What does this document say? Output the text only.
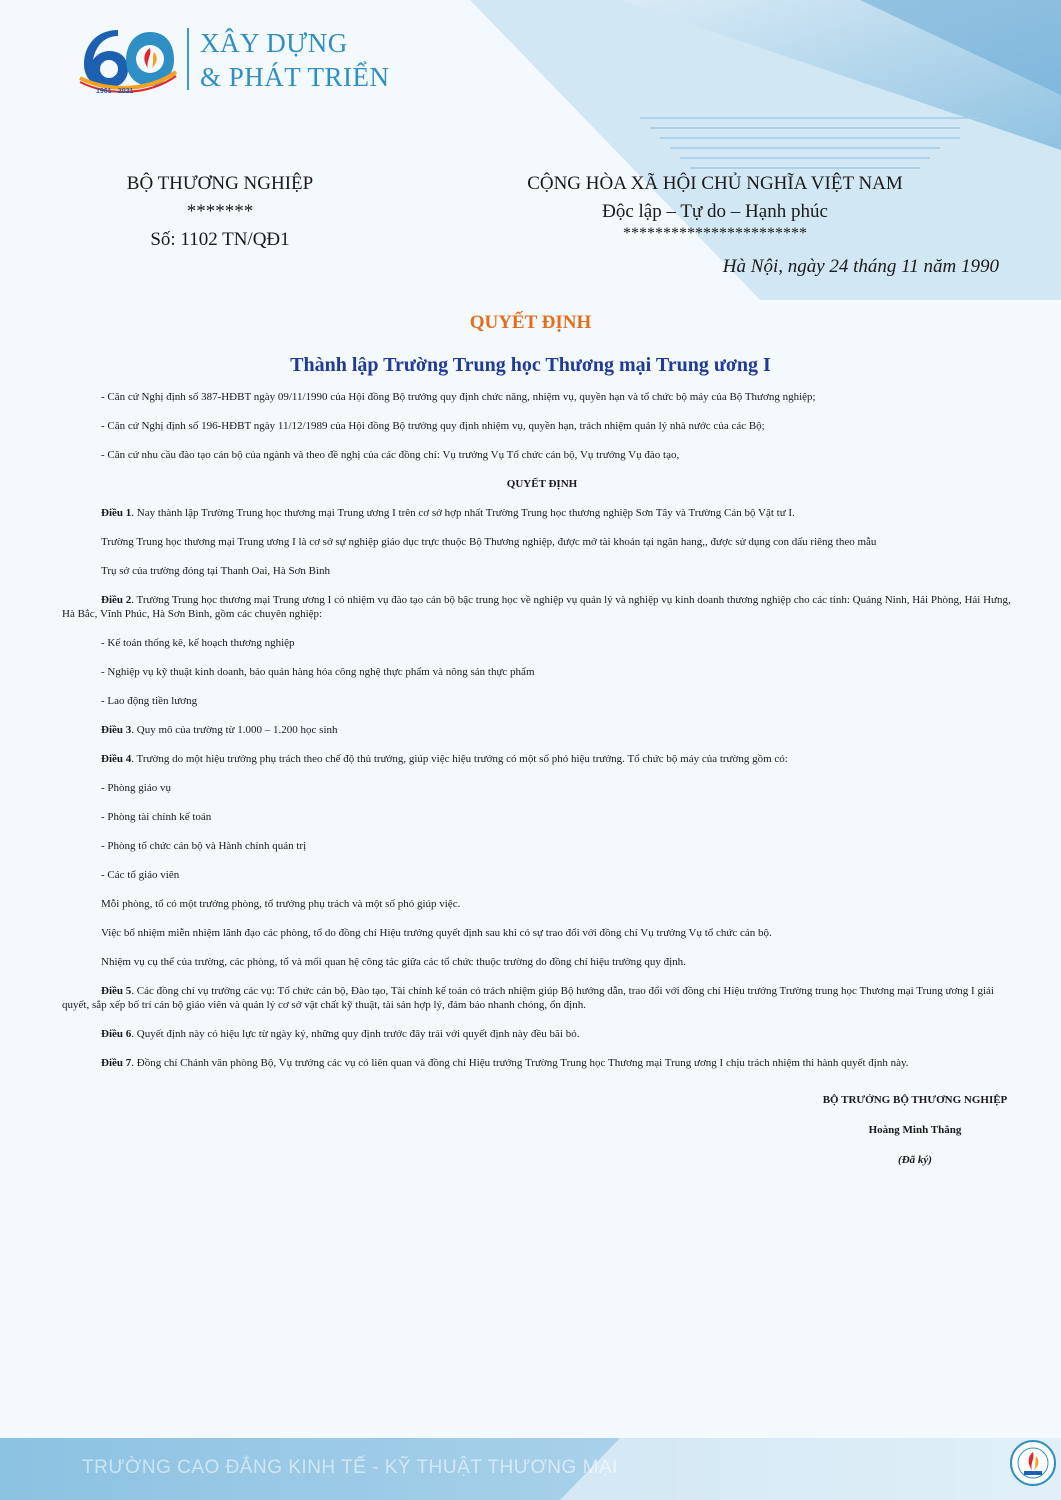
1961 - 2021
XÂY DỰNG
& PHÁT TRIỂN
BỘ THƯƠNG NGHIỆP
*******
Số: 1102 TN/QĐ1
CỘNG HÒA XÃ HỘI CHỦ NGHĨA VIỆT NAM
Độc lập – Tự do – Hạnh phúc
***********************
Hà Nội, ngày 24 tháng 11 năm 1990
QUYẾT ĐỊNH
Thành lập Trường Trung học Thương mại Trung ương I

- Căn cứ Nghị định số 387-HĐBT ngày 09/11/1990 của Hội đồng Bộ trưởng quy định chức năng, nhiệm vụ, quyền hạn và tổ chức bộ máy của Bộ Thương nghiệp;

- Căn cứ Nghị định số 196-HĐBT ngày 11/12/1989 của Hội đồng Bộ trưởng quy định nhiệm vụ, quyền hạn, trách nhiệm quản lý nhà nước của các Bộ;

- Căn cứ nhu cầu đào tạo cán bộ của ngành và theo đề nghị của các đồng chí: Vụ trưởng Vụ Tổ chức cán bộ, Vụ trưởng Vụ đào tạo,

QUYẾT ĐỊNH

Điều 1. Nay thành lập Trường Trung học thương mại Trung ương I trên cơ sở hợp nhất Trường Trung học thương nghiệp Sơn Tây và Trường Cán bộ Vật tư I.

Trường Trung học thương mại Trung ương I là cơ sở sự nghiệp giáo dục trực thuộc Bộ Thương nghiệp, được mở tài khoản tại ngân hang,, được sử dụng con dấu riêng theo mẫu

Trụ sở của trường đóng tại Thanh Oai, Hà Sơn Bình

Điều 2. Trường Trung học thương mại Trung ương I có nhiệm vụ đào tạo cán bộ bậc trung học về nghiệp vụ quản lý và nghiệp vụ kinh doanh thương nghiệp cho các tỉnh: Quảng Ninh, Hải Phòng, Hải Hưng, Hà Bắc, Vĩnh Phúc, Hà Sơn Bình, gồm các chuyên nghiệp:

- Kế toán thống kê, kế hoạch thương nghiệp

- Nghiệp vụ kỹ thuật kinh doanh, bảo quản hàng hóa công nghệ thực phẩm và nông sản thực phẩm

- Lao động tiền lương

Điều 3. Quy mô của trường từ 1.000 – 1.200 học sinh

Điều 4. Trường do một hiệu trưởng phụ trách theo chế độ thủ trưởng, giúp việc hiệu trưởng có một số phó hiệu trưởng. Tổ chức bộ máy của trường gồm có:

- Phòng giáo vụ

- Phòng tài chính kế toán

- Phòng tổ chức cán bộ và Hành chính quản trị

- Các tổ giáo viên

Mỗi phòng, tổ có một trưởng phòng, tổ trưởng phụ trách và một số phó giúp việc.

Việc bổ nhiệm miễn nhiệm lãnh đạo các phòng, tổ do đồng chí Hiệu trưởng quyết định sau khi có sự trao đổi với đồng chí Vụ trưởng Vụ tổ chức cán bộ.

Nhiệm vụ cụ thể của trường, các phòng, tổ và mối quan hệ công tác giữa các tổ chức thuộc trường do đồng chí hiệu trưởng quy định.

Điều 5. Các đồng chí vụ trưởng các vụ: Tổ chức cán bộ, Đào tạo, Tài chính kế toán có trách nhiệm giúp Bộ hướng dẫn, trao đổi với đồng chí Hiệu trưởng Trường trung học Thương mại Trung ương I giải quyết, sắp xếp bố trí cán bộ giáo viên và quản lý cơ sở vật chất kỹ thuật, tài sản hợp lý, đảm bảo nhanh chóng, ổn định.

Điều 6. Quyết định này có hiệu lực từ ngày ký, những quy định trước đây trái với quyết định này đều bãi bỏ.

Điều 7. Đồng chí Chánh văn phòng Bộ, Vụ trưởng các vụ có liên quan và đồng chí Hiệu trưởng Trường Trung học Thương mại Trung ương I chịu trách nhiệm thi hành quyết định này.

BỘ TRƯỞNG BỘ THƯƠNG NGHIỆP
Hoàng Minh Thắng
(Đã ký)
TRƯỜNG CAO ĐẲNG KINH TẾ - KỸ THUẬT THƯƠNG MẠI
